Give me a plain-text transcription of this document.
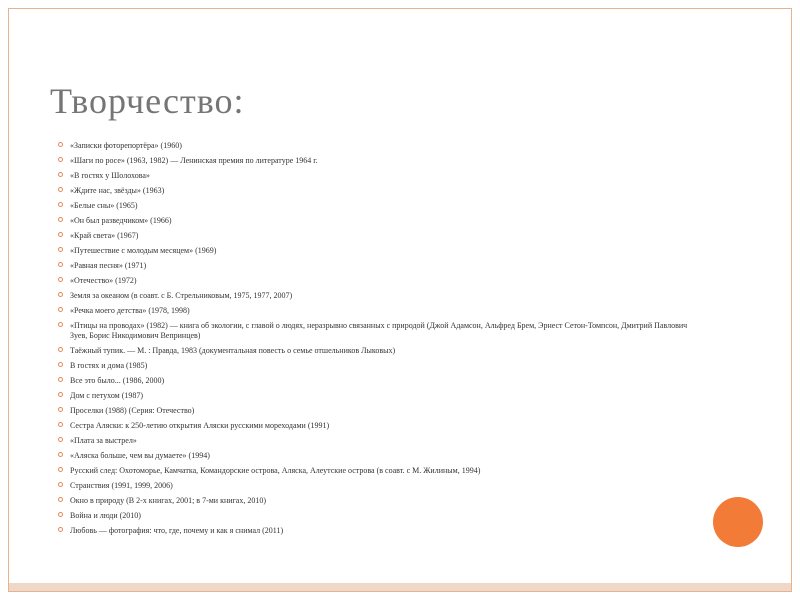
Творчество:
«Записки фоторепортёра» (1960)
«Шаги по росе» (1963, 1982) — Ленинская премия по литературе 1964 г.
«В гостях у Шолохова»
«Ждите нас, звёзды» (1963)
«Белые сны» (1965)
«Он был разведчиком» (1966)
«Край света» (1967)
«Путешествие с молодым месяцем» (1969)
«Равная песня» (1971)
«Отечество» (1972)
Земля за океаном (в соавт. с Б. Стрельниковым, 1975, 1977, 2007)
«Речка моего детства» (1978, 1998)
«Птицы на проводах» (1982) — книга об экологии, с главой о людях, неразрывно связанных с природой (Джой Адамсон, Альфред Брем, Эрнест Сетон-Томпсон, Дмитрий Павлович Зуев, Борис Никодимович Вепринцев)
Таёжный тупик. — М. : Правда, 1983 (документальная повесть о семье отшельников Лыковых)
В гостях и дома (1985)
Все это было... (1986, 2000)
Дом с петухом (1987)
Проселки (1988) (Серия: Отечество)
Сестра Аляски: к 250-летию открытия Аляски русскими мореходами (1991)
«Плата за выстрел»
«Аляска больше, чем вы думаете» (1994)
Русский след: Охотоморье, Камчатка, Командорские острова, Аляска, Алеутские острова (в соавт. с М. Жилиным, 1994)
Странствия (1991, 1999, 2006)
Окно в природу (В 2-х книгах, 2001; в 7-ми книгах, 2010)
Война и люди (2010)
Любовь — фотография: что, где, почему и как я снимал (2011)
